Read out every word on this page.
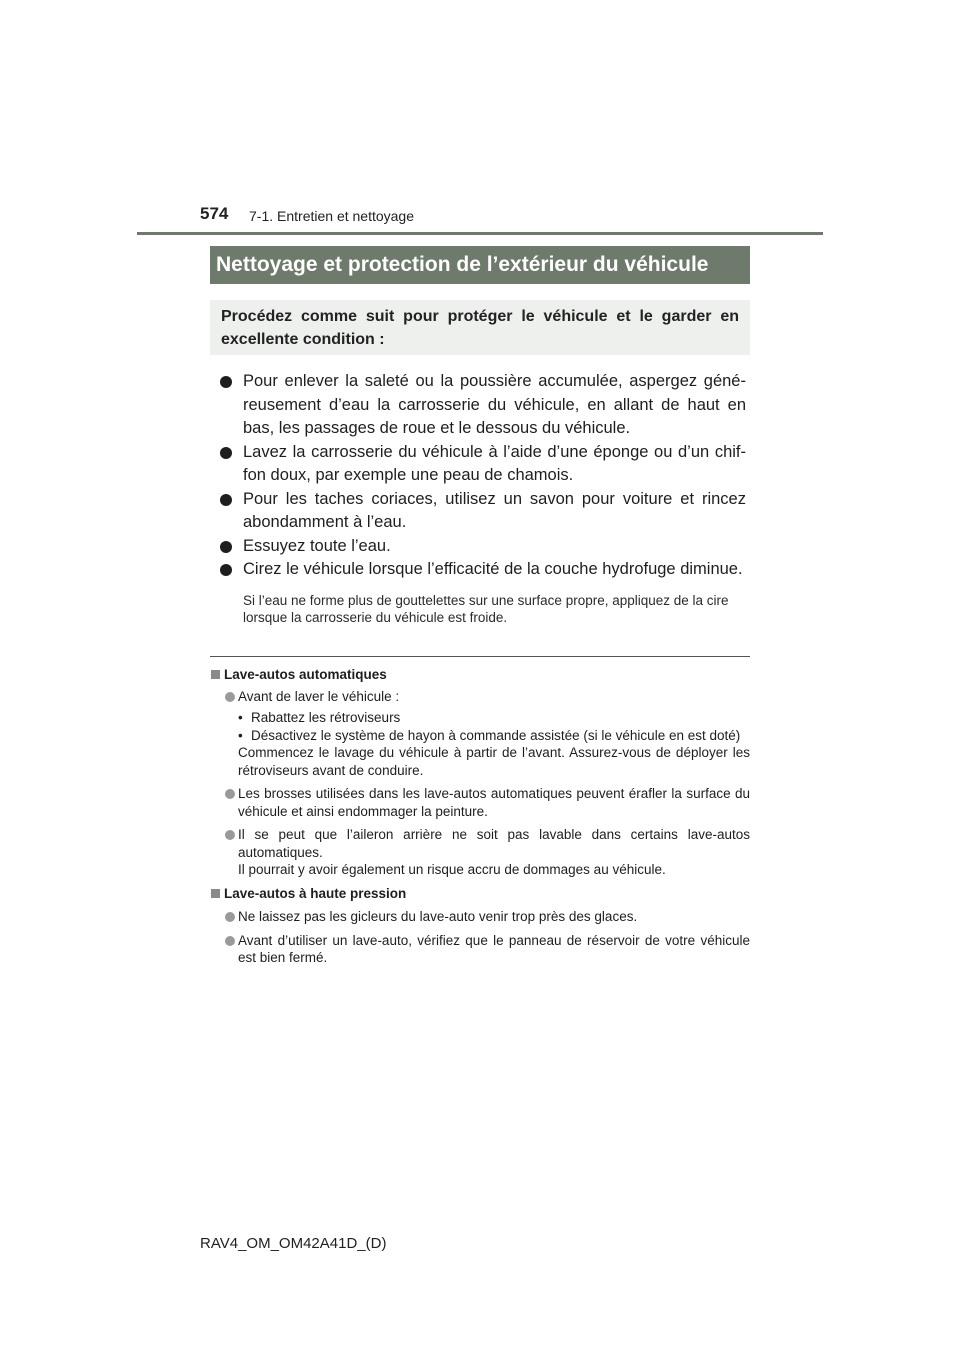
574 7-1. Entretien et nettoyage
Nettoyage et protection de l’extérieur du véhicule
Procédez comme suit pour protéger le véhicule et le garder en excellente condition :
Pour enlever la saleté ou la poussière accumulée, aspergez généreusement d’eau la carrosserie du véhicule, en allant de haut en bas, les passages de roue et le dessous du véhicule.
Lavez la carrosserie du véhicule à l’aide d’une éponge ou d’un chiffon doux, par exemple une peau de chamois.
Pour les taches coriaces, utilisez un savon pour voiture et rincez abondamment à l’eau.
Essuyez toute l’eau.
Cirez le véhicule lorsque l’efficacité de la couche hydrofuge diminue.
Si l’eau ne forme plus de gouttelettes sur une surface propre, appliquez de la cire lorsque la carrosserie du véhicule est froide.
Lave-autos automatiques
Avant de laver le véhicule :
• Rabattez les rétroviseurs
• Désactivez le système de hayon à commande assistée (si le véhicule en est doté)
Commencez le lavage du véhicule à partir de l’avant. Assurez-vous de déployer les rétroviseurs avant de conduire.
Les brosses utilisées dans les lave-autos automatiques peuvent érafler la surface du véhicule et ainsi endommager la peinture.
Il se peut que l’aileron arrière ne soit pas lavable dans certains lave-autos automatiques.
Il pourrait y avoir également un risque accru de dommages au véhicule.
Lave-autos à haute pression
Ne laissez pas les gicleurs du lave-auto venir trop près des glaces.
Avant d’utiliser un lave-auto, vérifiez que le panneau de réservoir de votre véhicule est bien fermé.
RAV4_OM_OM42A41D_(D)
